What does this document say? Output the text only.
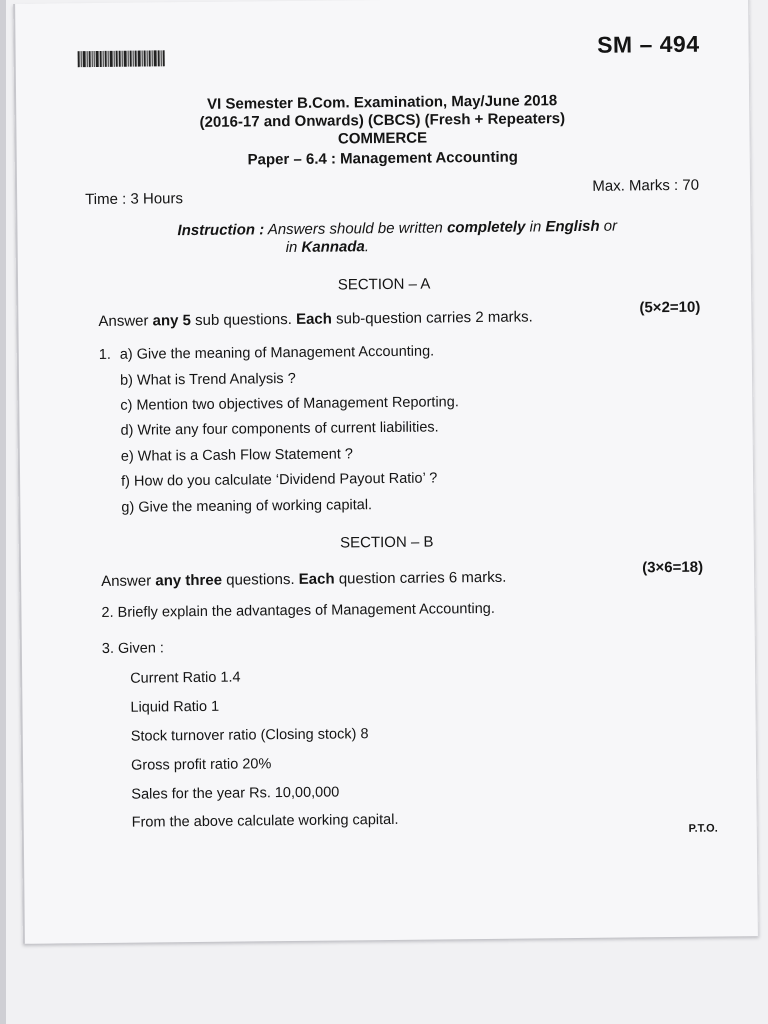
SM – 494
VI Semester B.Com. Examination, May/June 2018
(2016-17 and Onwards) (CBCS) (Fresh + Repeaters)
COMMERCE
Paper – 6.4 : Management Accounting
Time : 3 Hours
Max. Marks : 70
Instruction : Answers should be written completely in English or
in Kannada.
SECTION – A
Answer any 5 sub questions. Each sub-question carries 2 marks.
(5×2=10)
1. a) Give the meaning of Management Accounting.
b) What is Trend Analysis ?
c) Mention two objectives of Management Reporting.
d) Write any four components of current liabilities.
e) What is a Cash Flow Statement ?
f) How do you calculate ‘Dividend Payout Ratio’ ?
g) Give the meaning of working capital.
SECTION – B
Answer any three questions. Each question carries 6 marks.
(3×6=18)
2. Briefly explain the advantages of Management Accounting.
3. Given :
Current Ratio 1.4
Liquid Ratio 1
Stock turnover ratio (Closing stock) 8
Gross profit ratio 20%
Sales for the year Rs. 10,00,000
From the above calculate working capital.	P.T.O.
